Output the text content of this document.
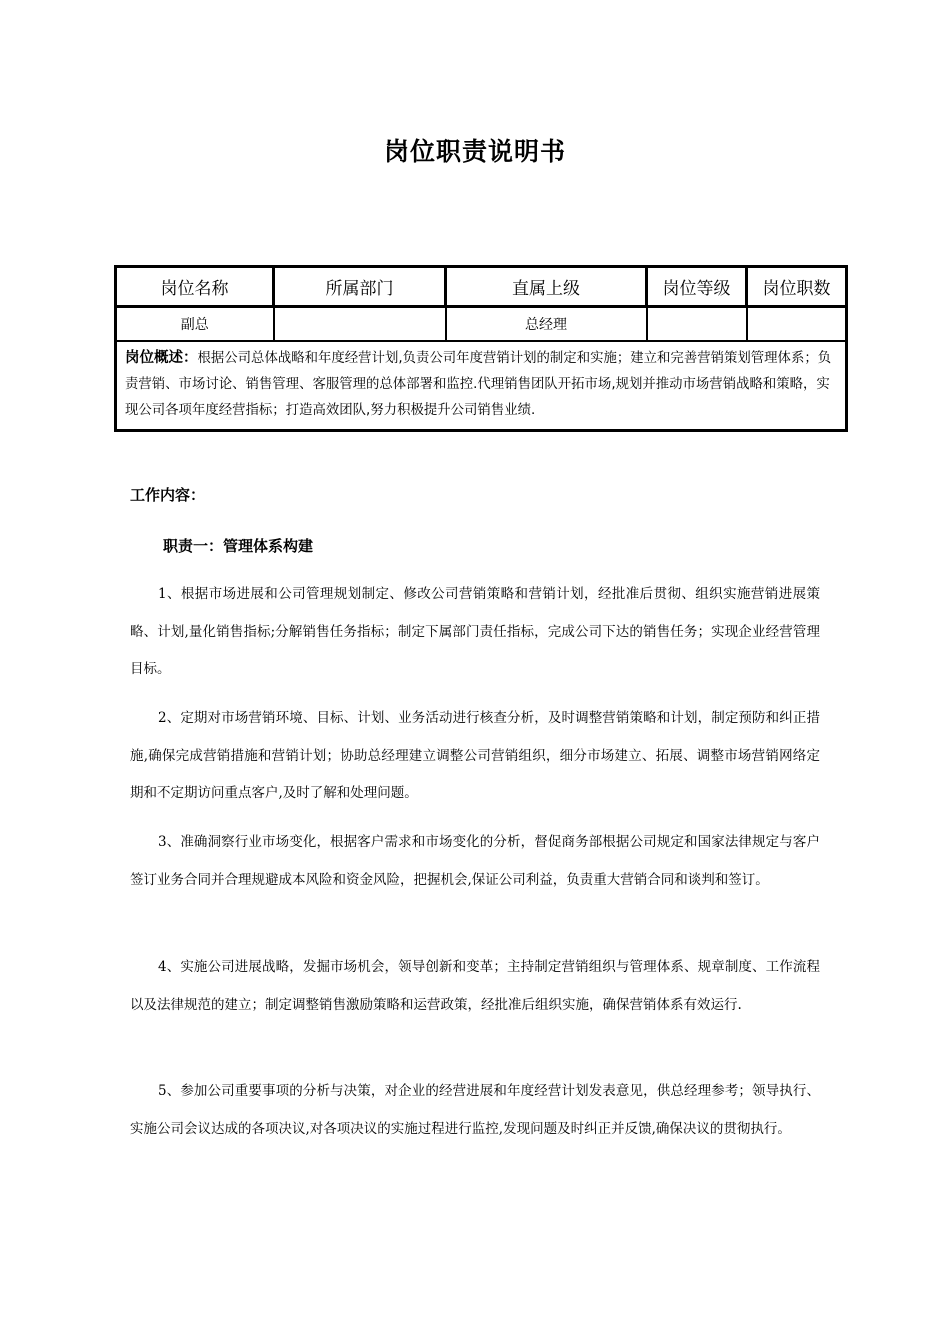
岗位职责说明书
岗位名称	所属部门	直属上级	岗位等级	岗位职数
副总		总经理		
岗位概述：根据公司总体战略和年度经营计划,负责公司年度营销计划的制定和实施；建立和完善营销策划管理体系；负责营销、市场讨论、销售管理、客服管理的总体部署和监控.代理销售团队开拓市场,规划并推动市场营销战略和策略，实现公司各项年度经营指标；打造高效团队,努力积极提升公司销售业绩.				

工作内容：

职责一：管理体系构建

1、根据市场进展和公司管理规划制定、修改公司营销策略和营销计划，经批准后贯彻、组织实施营销进展策略、计划,量化销售指标;分解销售任务指标；制定下属部门责任指标，完成公司下达的销售任务；实现企业经营管理目标。

2、定期对市场营销环境、目标、计划、业务活动进行核查分析，及时调整营销策略和计划，制定预防和纠正措施,确保完成营销措施和营销计划；协助总经理建立调整公司营销组织，细分市场建立、拓展、调整市场营销网络定期和不定期访问重点客户,及时了解和处理问题。

3、准确洞察行业市场变化，根据客户需求和市场变化的分析，督促商务部根据公司规定和国家法律规定与客户签订业务合同并合理规避成本风险和资金风险，把握机会,保证公司利益，负责重大营销合同和谈判和签订。

4、实施公司进展战略，发掘市场机会，领导创新和变革；主持制定营销组织与管理体系、规章制度、工作流程以及法律规范的建立；制定调整销售激励策略和运营政策，经批准后组织实施，确保营销体系有效运行.

5、参加公司重要事项的分析与决策，对企业的经营进展和年度经营计划发表意见，供总经理参考；领导执行、实施公司会议达成的各项决议,对各项决议的实施过程进行监控,发现问题及时纠正并反馈,确保决议的贯彻执行。
